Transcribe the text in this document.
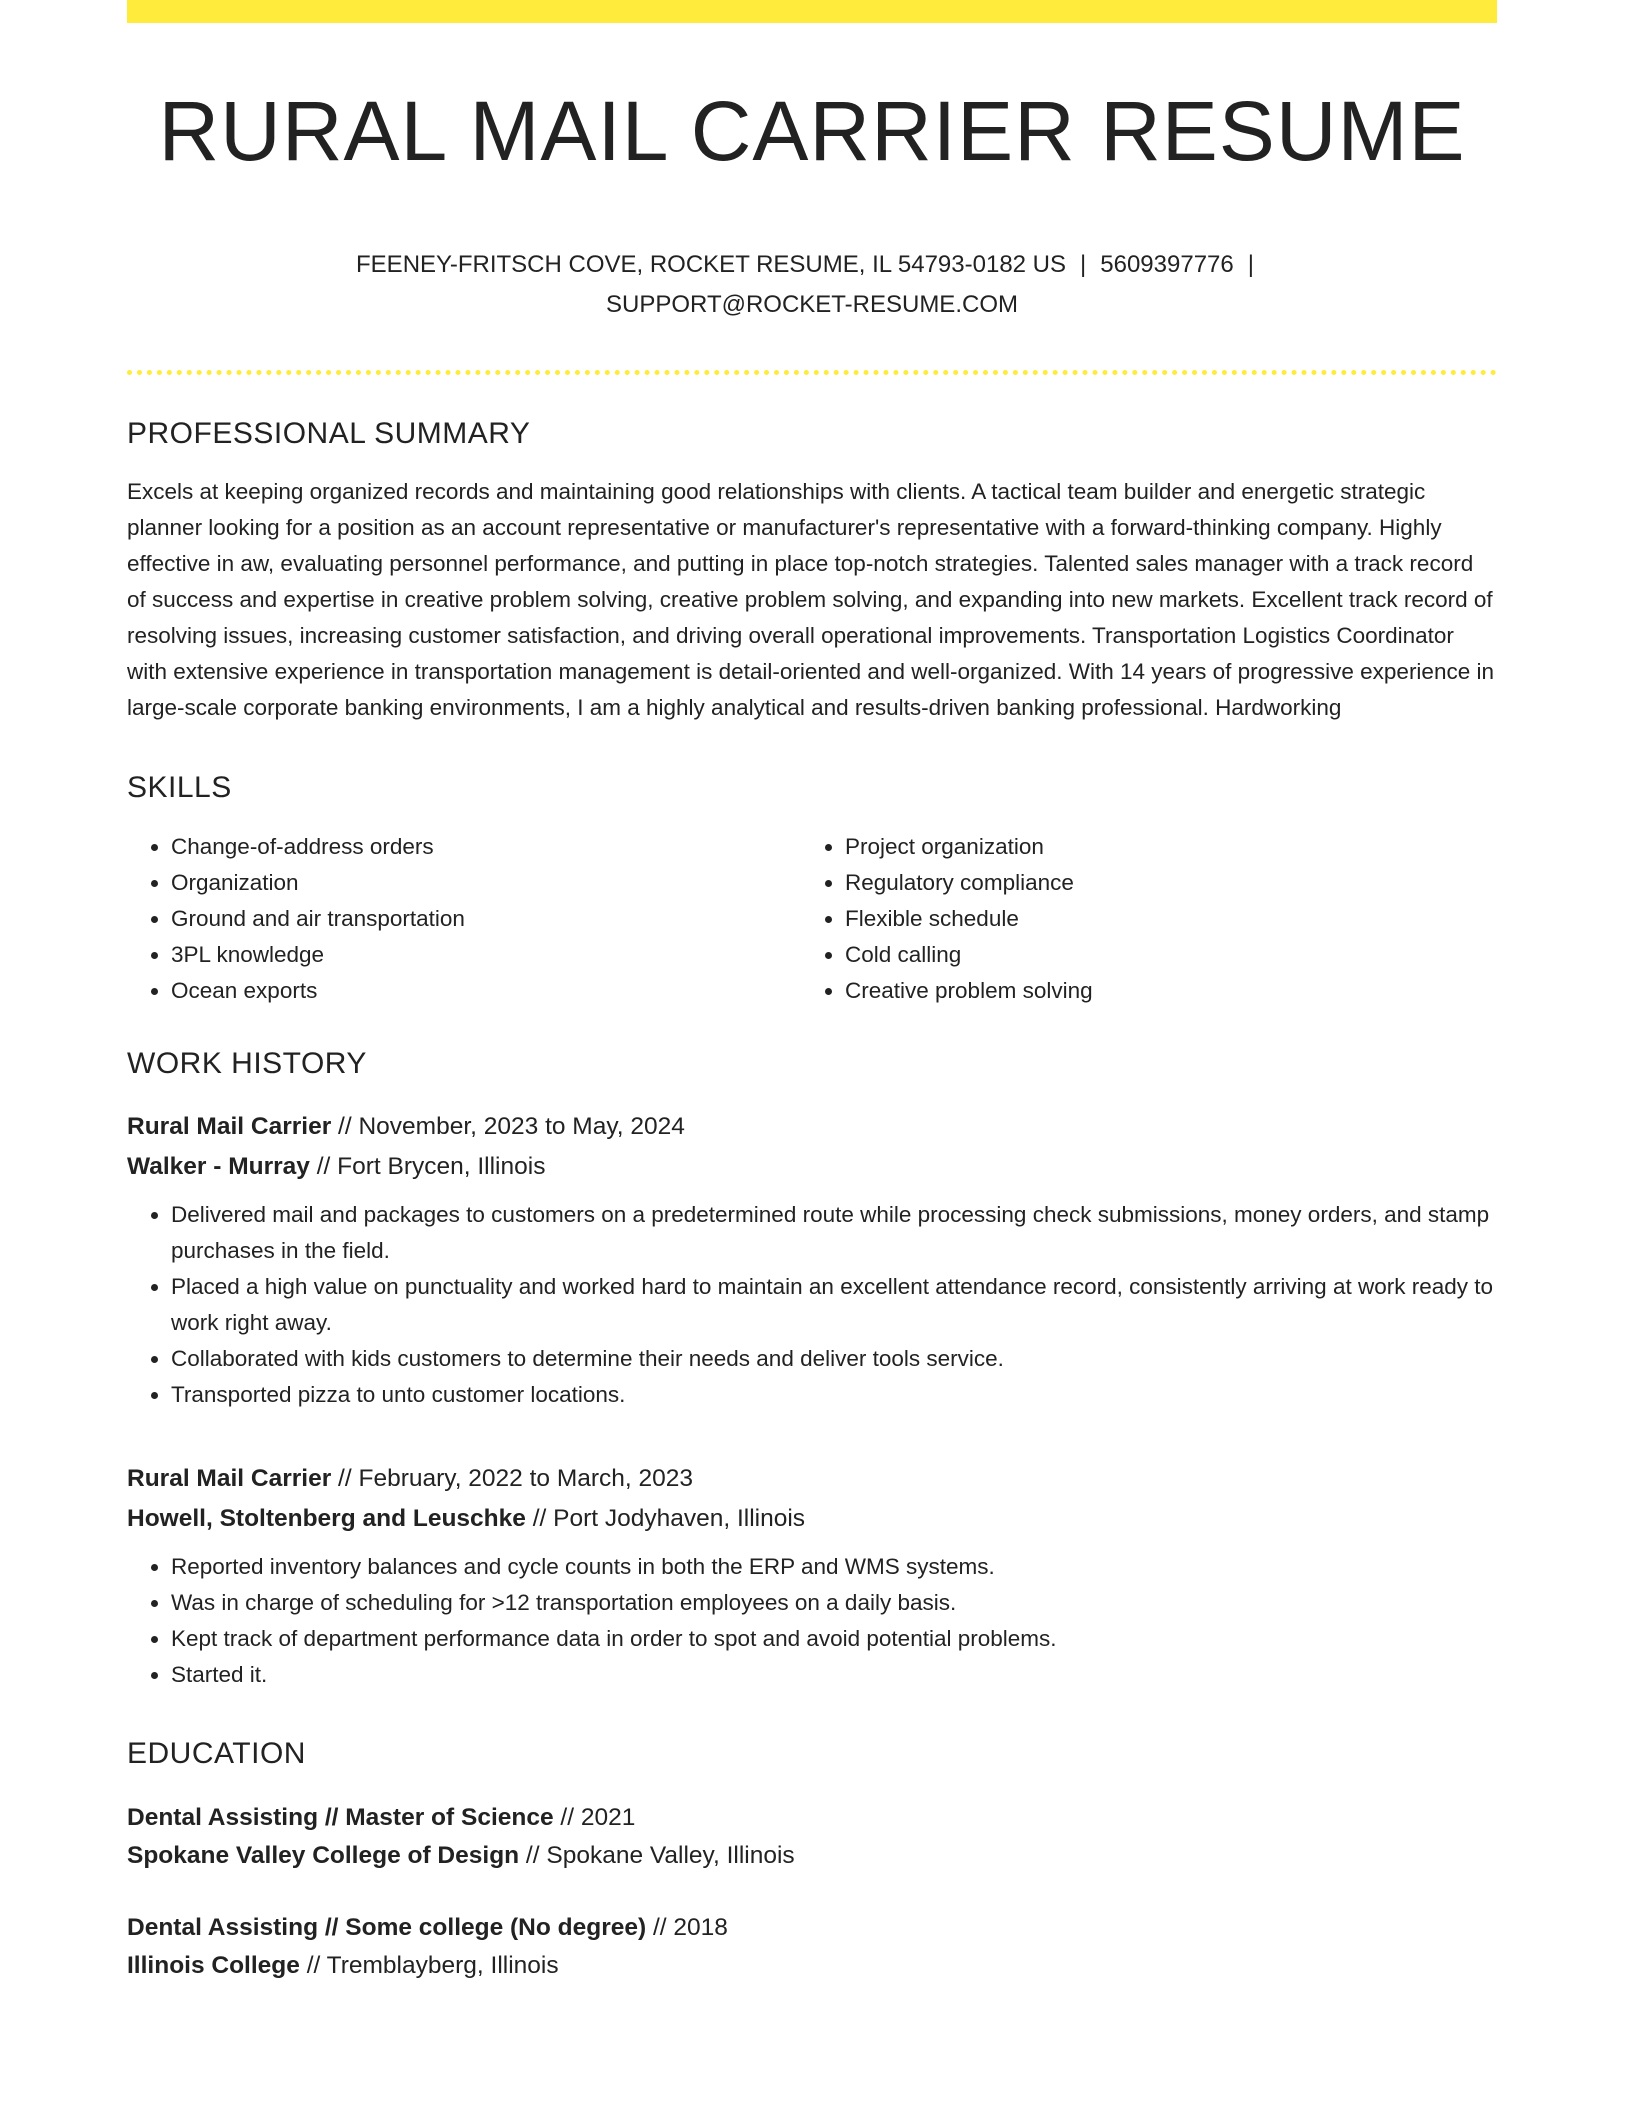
RURAL MAIL CARRIER RESUME
FEENEY-FRITSCH COVE, ROCKET RESUME, IL 54793-0182 US | 5609397776 |
SUPPORT@ROCKET-RESUME.COM
PROFESSIONAL SUMMARY
Excels at keeping organized records and maintaining good relationships with clients. A tactical team builder and energetic strategic planner looking for a position as an account representative or manufacturer's representative with a forward-thinking company. Highly effective in aw, evaluating personnel performance, and putting in place top-notch strategies. Talented sales manager with a track record of success and expertise in creative problem solving, creative problem solving, and expanding into new markets. Excellent track record of resolving issues, increasing customer satisfaction, and driving overall operational improvements. Transportation Logistics Coordinator with extensive experience in transportation management is detail-oriented and well-organized. With 14 years of progressive experience in large-scale corporate banking environments, I am a highly analytical and results-driven banking professional. Hardworking
SKILLS
• Change-of-address orders
• Organization
• Ground and air transportation
• 3PL knowledge
• Ocean exports
• Project organization
• Regulatory compliance
• Flexible schedule
• Cold calling
• Creative problem solving
WORK HISTORY
Rural Mail Carrier // November, 2023 to May, 2024
Walker - Murray // Fort Brycen, Illinois
• Delivered mail and packages to customers on a predetermined route while processing check submissions, money orders, and stamp purchases in the field.
• Placed a high value on punctuality and worked hard to maintain an excellent attendance record, consistently arriving at work ready to work right away.
• Collaborated with kids customers to determine their needs and deliver tools service.
• Transported pizza to unto customer locations.
Rural Mail Carrier // February, 2022 to March, 2023
Howell, Stoltenberg and Leuschke // Port Jodyhaven, Illinois
• Reported inventory balances and cycle counts in both the ERP and WMS systems.
• Was in charge of scheduling for >12 transportation employees on a daily basis.
• Kept track of department performance data in order to spot and avoid potential problems.
• Started it.
EDUCATION
Dental Assisting // Master of Science // 2021
Spokane Valley College of Design // Spokane Valley, Illinois
Dental Assisting // Some college (No degree) // 2018
Illinois College // Tremblayberg, Illinois
